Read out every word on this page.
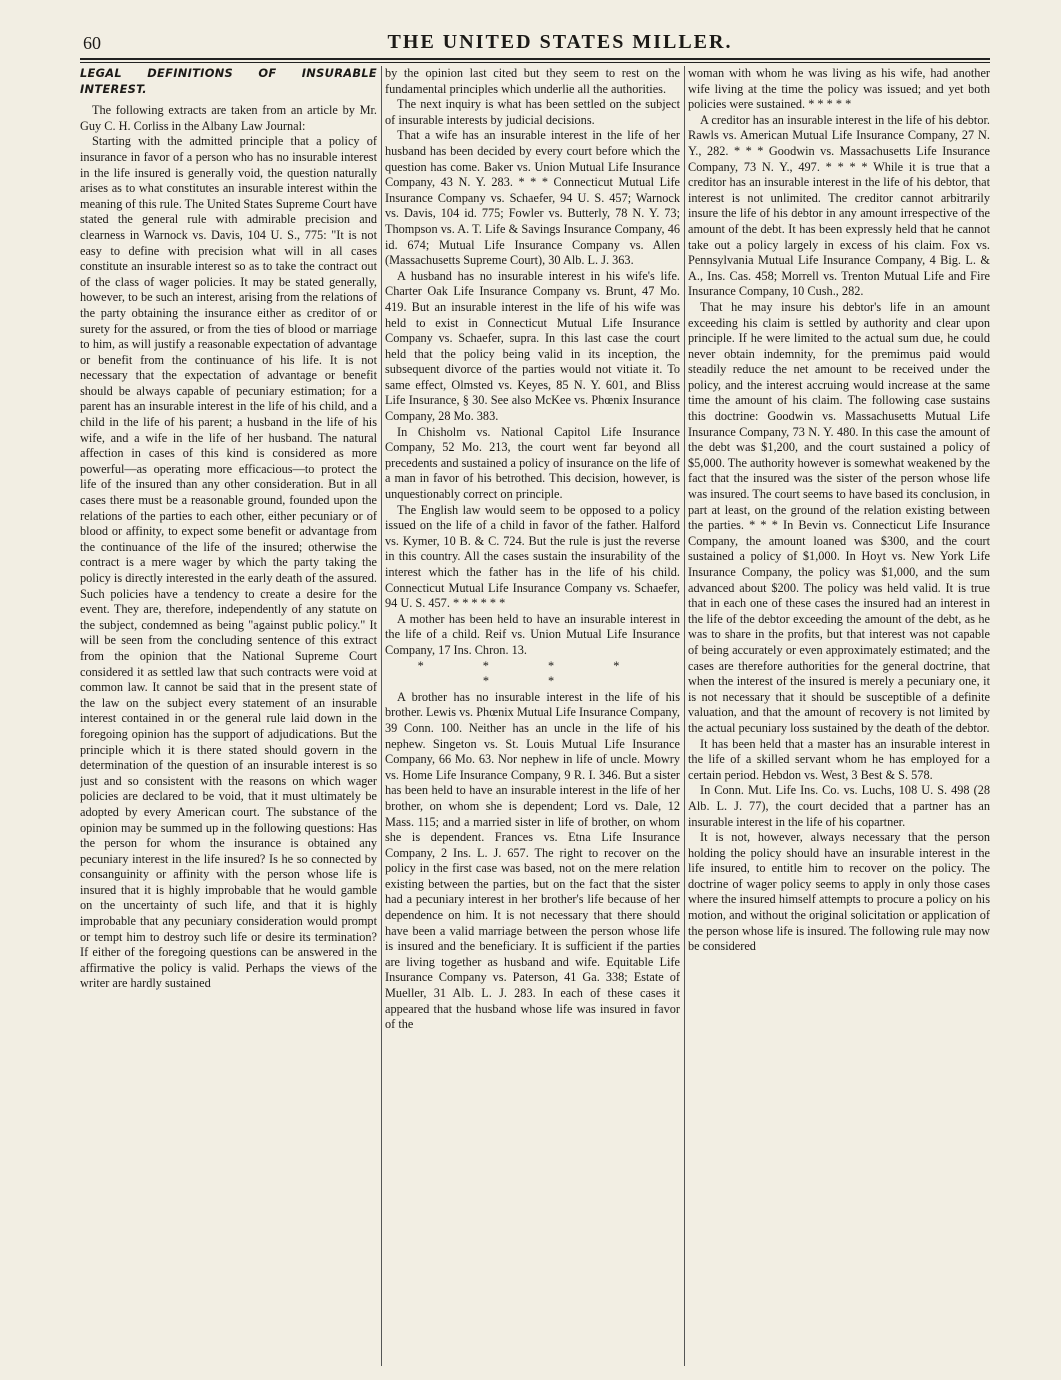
60	THE UNITED STATES MILLER.
LEGAL DEFINITIONS OF INSURABLE INTEREST.

The following extracts are taken from an article by Mr. Guy C. H. Corliss in the Albany Law Journal:

Starting with the admitted principle that a policy of insurance in favor of a person who has no insurable interest in the life insured is generally void, the question naturally arises as to what constitutes an insurable interest within the meaning of this rule. The United States Supreme Court have stated the general rule with admirable precision and clearness in Warnock vs. Davis, 104 U. S., 775: "It is not easy to define with precision what will in all cases constitute an insurable interest so as to take the contract out of the class of wager policies. It may be stated generally, however, to be such an interest, arising from the relations of the party obtaining the insurance either as creditor of or surety for the assured, or from the ties of blood or marriage to him, as will justify a reasonable expectation of advantage or benefit from the continuance of his life. It is not necessary that the expectation of advantage or benefit should be always capable of pecuniary estimation; for a parent has an insurable interest in the life of his child, and a child in the life of his parent; a husband in the life of his wife, and a wife in the life of her husband. The natural affection in cases of this kind is considered as more powerful—as operating more efficacious—to protect the life of the insured than any other consideration. But in all cases there must be a reasonable ground, founded upon the relations of the parties to each other, either pecuniary or of blood or affinity, to expect some benefit or advantage from the continuance of the life of the insured; otherwise the contract is a mere wager by which the party taking the policy is directly interested in the early death of the assured. Such policies have a tendency to create a desire for the event. They are, therefore, independently of any statute on the subject, condemned as being "against public policy." It will be seen from the concluding sentence of this extract from the opinion that the National Supreme Court considered it as settled law that such contracts were void at common law. It cannot be said that in the present state of the law on the subject every statement of an insurable interest contained in or the general rule laid down in the foregoing opinion has the support of adjudications. But the principle which it is there stated should govern in the determination of the question of an insurable interest is so just and so consistent with the reasons on which wager policies are declared to be void, that it must ultimately be adopted by every American court. The substance of the opinion may be summed up in the following questions: Has the person for whom the insurance is obtained any pecuniary interest in the life insured? Is he so connected by consanguinity or affinity with the person whose life is insured that it is highly improbable that he would gamble on the uncertainty of such life, and that it is highly improbable that any pecuniary consideration would prompt or tempt him to destroy such life or desire its termination? If either of the foregoing questions can be answered in the affirmative the policy is valid. Perhaps the views of the writer are hardly sustained

by the opinion last cited but they seem to rest on the fundamental principles which underlie all the authorities.

The next inquiry is what has been settled on the subject of insurable interests by judicial decisions.

That a wife has an insurable interest in the life of her husband has been decided by every court before which the question has come. Baker vs. Union Mutual Life Insurance Company, 43 N. Y. 283. * * * Connecticut Mutual Life Insurance Company vs. Schaefer, 94 U. S. 457; Warnock vs. Davis, 104 id. 775; Fowler vs. Butterly, 78 N. Y. 73; Thompson vs. A. T. Life & Savings Insurance Company, 46 id. 674; Mutual Life Insurance Company vs. Allen (Massachusetts Supreme Court), 30 Alb. L. J. 363.

A husband has no insurable interest in his wife's life. Charter Oak Life Insurance Company vs. Brunt, 47 Mo. 419. But an insurable interest in the life of his wife was held to exist in Connecticut Mutual Life Insurance Company vs. Schaefer, supra. In this last case the court held that the policy being valid in its inception, the subsequent divorce of the parties would not vitiate it. To same effect, Olmsted vs. Keyes, 85 N. Y. 601, and Bliss Life Insurance, § 30. See also McKee vs. Phœnix Insurance Company, 28 Mo. 383.

In Chisholm vs. National Capitol Life Insurance Company, 52 Mo. 213, the court went far beyond all precedents and sustained a policy of insurance on the life of a man in favor of his betrothed. This decision, however, is unquestionably correct on principle.

The English law would seem to be opposed to a policy issued on the life of a child in favor of the father. Halford vs. Kymer, 10 B. & C. 724. But the rule is just the reverse in this country. All the cases sustain the insurability of the interest which the father has in the life of his child. Connecticut Mutual Life Insurance Company vs. Schaefer, 94 U. S. 457. * * * * * *

A mother has been held to have an insurable interest in the life of a child. Reif vs. Union Mutual Life Insurance Company, 17 Ins. Chron. 13.

* * * * * *

A brother has no insurable interest in the life of his brother. Lewis vs. Phœnix Mutual Life Insurance Company, 39 Conn. 100. Neither has an uncle in the life of his nephew. Singeton vs. St. Louis Mutual Life Insurance Company, 66 Mo. 63. Nor nephew in life of uncle. Mowry vs. Home Life Insurance Company, 9 R. I. 346. But a sister has been held to have an insurable interest in the life of her brother, on whom she is dependent; Lord vs. Dale, 12 Mass. 115; and a married sister in life of brother, on whom she is dependent. Frances vs. Etna Life Insurance Company, 2 Ins. L. J. 657. The right to recover on the policy in the first case was based, not on the mere relation existing between the parties, but on the fact that the sister had a pecuniary interest in her brother's life because of her dependence on him. It is not necessary that there should have been a valid marriage between the person whose life is insured and the beneficiary. It is sufficient if the parties are living together as husband and wife. Equitable Life Insurance Company vs. Paterson, 41 Ga. 338; Estate of Mueller, 31 Alb. L. J. 283. In each of these cases it appeared that the husband whose life was insured in favor of the

woman with whom he was living as his wife, had another wife living at the time the policy was issued; and yet both policies were sustained. * * * * *

A creditor has an insurable interest in the life of his debtor. Rawls vs. American Mutual Life Insurance Company, 27 N. Y., 282. * * * Goodwin vs. Massachusetts Life Insurance Company, 73 N. Y., 497. * * * * While it is true that a creditor has an insurable interest in the life of his debtor, that interest is not unlimited. The creditor cannot arbitrarily insure the life of his debtor in any amount irrespective of the amount of the debt. It has been expressly held that he cannot take out a policy largely in excess of his claim. Fox vs. Pennsylvania Mutual Life Insurance Company, 4 Big. L. & A., Ins. Cas. 458; Morrell vs. Trenton Mutual Life and Fire Insurance Company, 10 Cush., 282.

That he may insure his debtor's life in an amount exceeding his claim is settled by authority and clear upon principle. If he were limited to the actual sum due, he could never obtain indemnity, for the premimus paid would steadily reduce the net amount to be received under the policy, and the interest accruing would increase at the same time the amount of his claim. The following case sustains this doctrine: Goodwin vs. Massachusetts Mutual Life Insurance Company, 73 N. Y. 480. In this case the amount of the debt was $1,200, and the court sustained a policy of $5,000. The authority however is somewhat weakened by the fact that the insured was the sister of the person whose life was insured. The court seems to have based its conclusion, in part at least, on the ground of the relation existing between the parties. * * * In Bevin vs. Connecticut Life Insurance Company, the amount loaned was $300, and the court sustained a policy of $1,000. In Hoyt vs. New York Life Insurance Company, the policy was $1,000, and the sum advanced about $200. The policy was held valid. It is true that in each one of these cases the insured had an interest in the life of the debtor exceeding the amount of the debt, as he was to share in the profits, but that interest was not capable of being accurately or even approximately estimated; and the cases are therefore authorities for the general doctrine, that when the interest of the insured is merely a pecuniary one, it is not necessary that it should be susceptible of a definite valuation, and that the amount of recovery is not limited by the actual pecuniary loss sustained by the death of the debtor.

It has been held that a master has an insurable interest in the life of a skilled servant whom he has employed for a certain period. Hebdon vs. West, 3 Best & S. 578.

In Conn. Mut. Life Ins. Co. vs. Luchs, 108 U. S. 498 (28 Alb. L. J. 77), the court decided that a partner has an insurable interest in the life of his copartner.

It is not, however, always necessary that the person holding the policy should have an insurable interest in the life insured, to entitle him to recover on the policy. The doctrine of wager policy seems to apply in only those cases where the insured himself attempts to procure a policy on his motion, and without the original solicitation or application of the person whose life is insured. The following rule may now be considered
